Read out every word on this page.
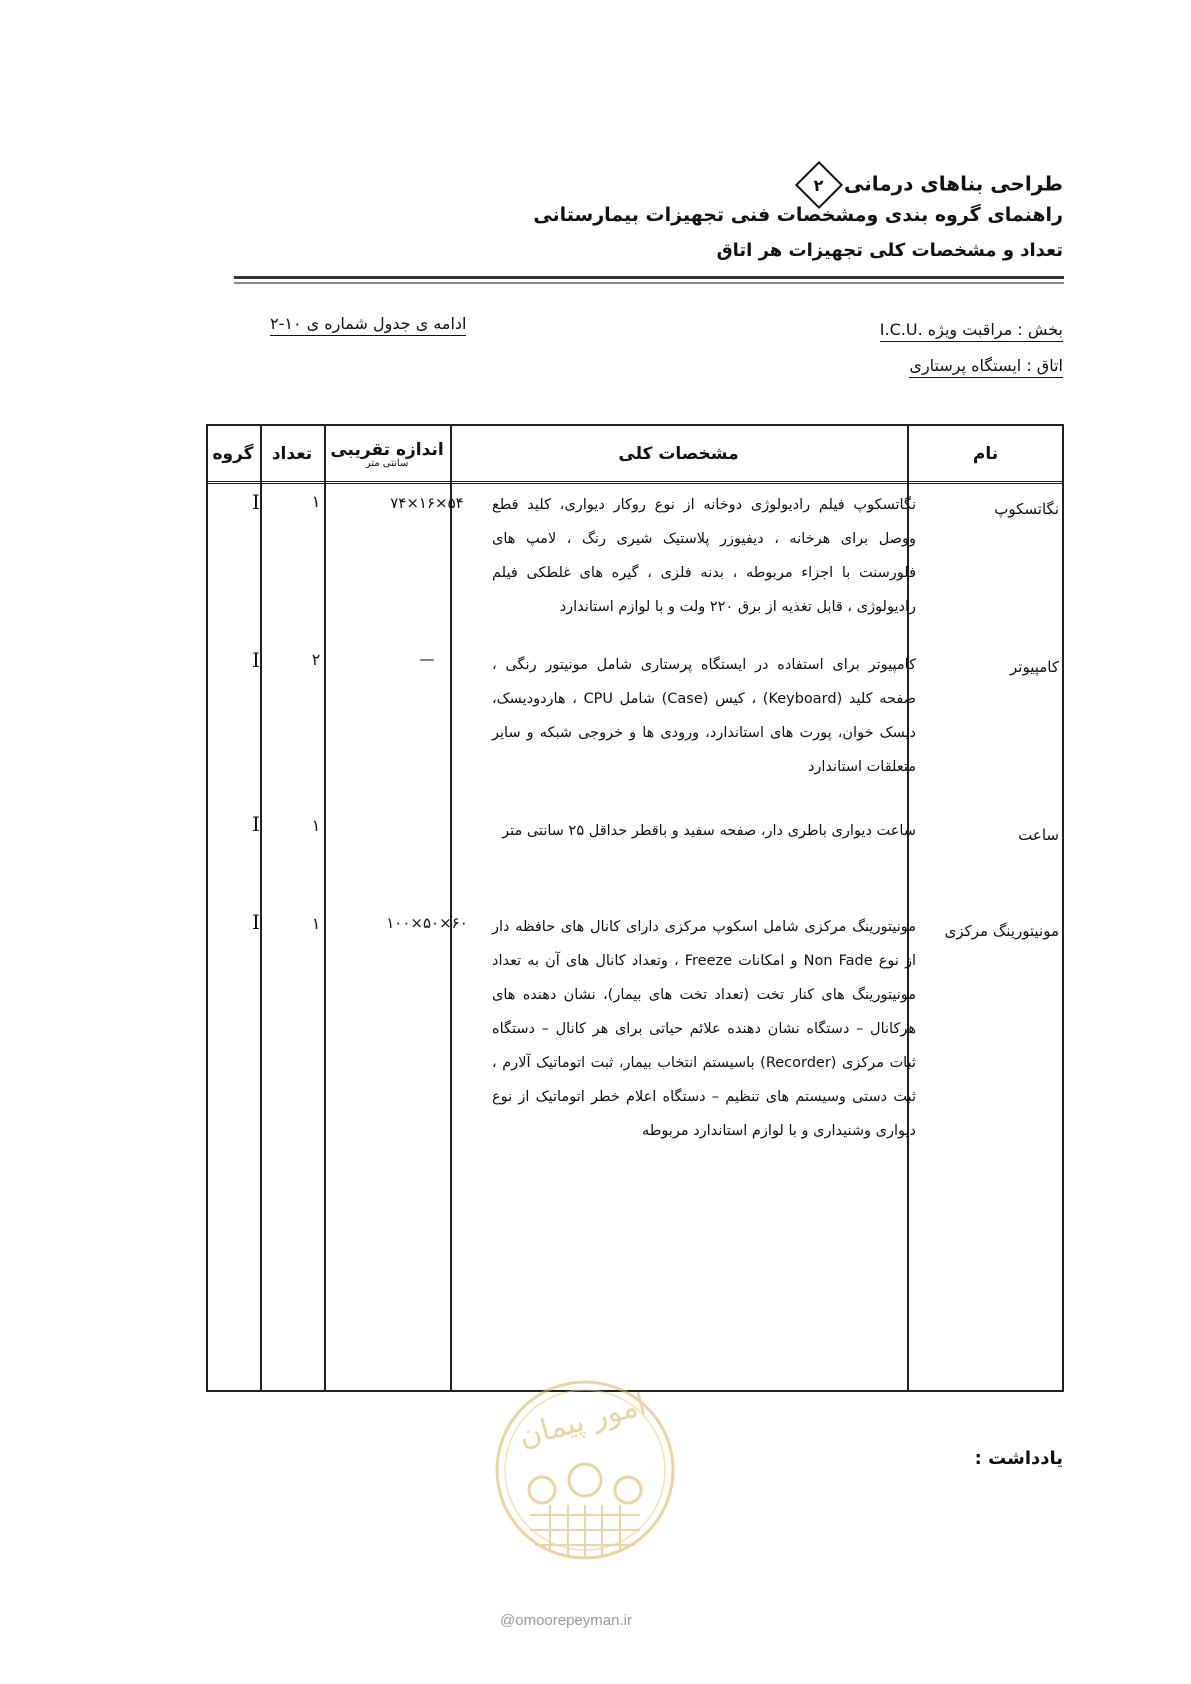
طراحی بناهای درمانی
۲
راهنمای گروه بندی ومشخصات فنی تجهیزات بیمارستانی
تعداد و مشخصات کلی تجهیزات هر اتاق
بخش : مراقبت ویژه .I.C.U
اتاق : ایستگاه پرستاری
ادامه ی جدول شماره ی ۱۰-۲
نام
مشخصات کلی
اندازه تقریبی
سانتی متر
تعداد
گروه
نگاتسکوپ
نگاتسکوپ فیلم رادیولوژی دوخانه از نوع روکار دیواری، کلید قطع ووصل برای هرخانه ، دیفیوزر پلاستیک شیری رنگ ، لامپ های فلورسنت با اجزاء مربوطه ، بدنه فلزی ، گیره های غلطکی فیلم رادیولوژی ، قابل تغذیه از برق ۲۲۰ ولت و با لوازم استاندارد
۷۴×۱۶×۵۴
۱
I
کامپیوتر
کامپیوتر برای استفاده در ایستگاه پرستاری شامل مونیتور رنگی ، صفحه کلید (Keyboard) ، کیس (Case) شامل CPU ، هاردودیسک، دیسک خوان، پورت های استاندارد، ورودی ها و خروجی شبکه و سایر متعلقات استاندارد
—
۲
I
ساعت
ساعت دیواری باطری دار، صفحه سفید و باقطر حداقل ۲۵ سانتی متر
۱
I
مونیتورینگ مرکزی
مونیتورینگ مرکزی شامل اسکوپ مرکزی دارای کانال های حافظه دار از نوع Non Fade و امکانات Freeze ، وتعداد کانال های آن به تعداد مونیتورینگ های کنار تخت (تعداد تخت های بیمار)، نشان دهنده های هرکانال – دستگاه نشان دهنده علائم حیاتی برای هر کانال – دستگاه ثبات مرکزی (Recorder) باسیستم انتخاب بیمار، ثبت اتوماتیک آلارم ، ثبت دستی وسیستم های تنظیم – دستگاه اعلام خطر اتوماتیک از نوع دیواری وشنیداری و با لوازم استاندارد مربوطه
۱۰۰×۵۰×۶۰
۱
I
یادداشت :
امور پیمان
@omoorepeyman.ir
